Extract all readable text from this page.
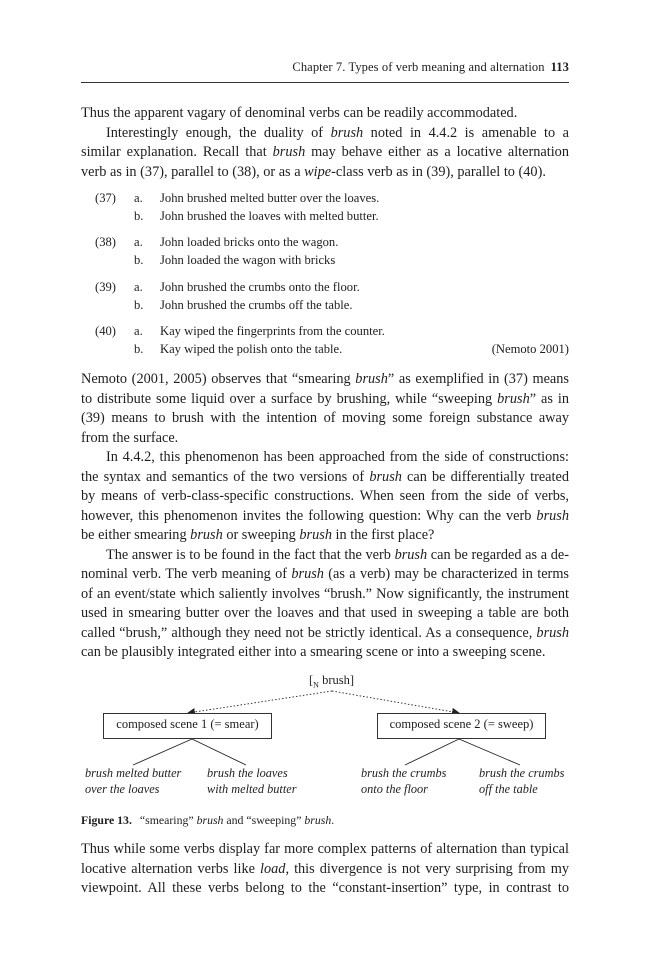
Chapter 7. Types of verb meaning and alternation 113

Thus the apparent vagary of denominal verbs can be readily accommodated.

Interestingly enough, the duality of brush noted in 4.4.2 is amenable to a
similar explanation. Recall that brush may behave either as a locative alternation
verb as in (37), parallel to (38), or as a wipe-class verb as in (39), parallel to (40).

(37) a. John brushed melted butter over the loaves.
b. John brushed the loaves with melted butter.
(38) a. John loaded bricks onto the wagon.
b. John loaded the wagon with bricks
(39) a. John brushed the crumbs onto the floor.
b. John brushed the crumbs off the table.
(40) a. Kay wiped the fingerprints from the counter.
b. Kay wiped the polish onto the table.	(Nemoto 2001)

Nemoto (2001, 2005) observes that “smearing brush” as exemplified in (37) means
to distribute some liquid over a surface by brushing, while “sweeping brush” as in
(39) means to brush with the intention of moving some foreign substance away
from the surface.

In 4.4.2, this phenomenon has been approached from the side of constructions:
the syntax and semantics of the two versions of brush can be differentially treated
by means of verb-class-specific constructions. When seen from the side of verbs,
however, this phenomenon invites the following question: Why can the verb brush
be either smearing brush or sweeping brush in the first place?

The answer is to be found in the fact that the verb brush can be regarded as a de-
nominal verb. The verb meaning of brush (as a verb) may be characterized in terms
of an event/state which saliently involves “brush.” Now significantly, the instrument
used in smearing butter over the loaves and that used in sweeping a table are both
called “brush,” although they need not be strictly identical. As a consequence, brush
can be plausibly integrated either into a smearing scene or into a sweeping scene.

[$_N$ brush]
composed scene 1 (= smear)	composed scene 2 (= sweep)
brush melted butter
over the loaves
brush the loaves
with melted butter
brush the crumbs
onto the floor
brush the crumbs
off the table
Figure 13. “smearing” brush and “sweeping” brush.

Thus while some verbs display far more complex patterns of alternation than typical
locative alternation verbs like load, this divergence is not very surprising from my
viewpoint. All these verbs belong to the “constant-insertion” type, in contrast to
